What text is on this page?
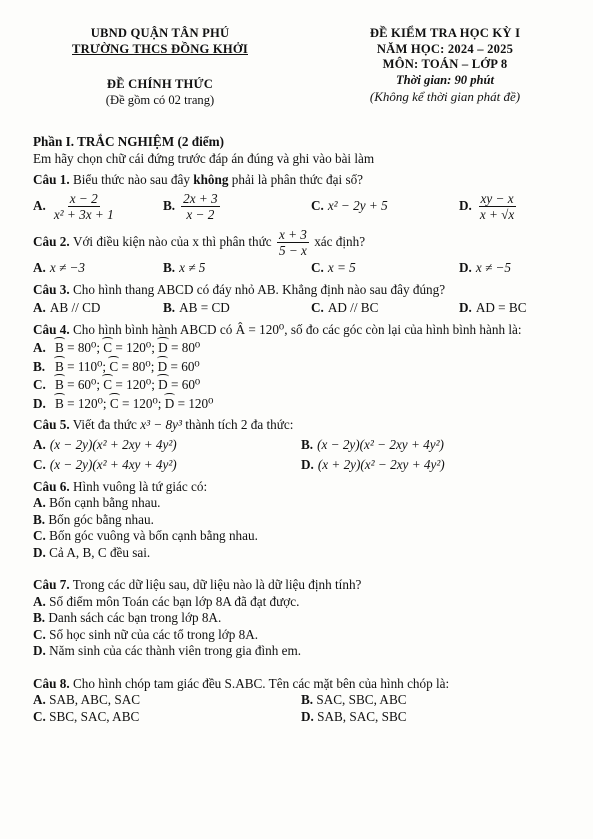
UBND QUẬN TÂN PHÚ
TRƯỜNG THCS ĐỒNG KHỞI
ĐỀ CHÍNH THỨC
(Đề gồm có 02 trang)
ĐỀ KIỂM TRA HỌC KỲ I
NĂM HỌC: 2024 – 2025
MÔN: TOÁN – LỚP 8
Thời gian: 90 phút
(Không kể thời gian phát đề)
Phần I. TRẮC NGHIỆM (2 điểm)
Em hãy chọn chữ cái đứng trước đáp án đúng và ghi vào bài làm
Câu 1. Biểu thức nào sau đây không phải là phân thức đại số?
A. $\frac{x - 2}{\text{x² + 3x + 1}}$	B. $\frac{2x + 3}{x - 2}$	C. x² − 2y + 5	D. $\frac{xy - x}{x + √x}$
Câu 2.
Với điều kiện nào của x thì phân thức
$\frac{x + 3}{5 - x}$
xác định?
A. x ≠ −3	B. x ≠ 5	C. x = 5	D. x ≠ −5
Câu 3. Cho hình thang ABCD có đáy nhỏ AB. Khẳng định nào sau đây đúng?
A. AB // CD	B. AB = CD	C. AD // BC	D. AD = BC
Câu 4. Cho hình bình hành ABCD có Â = 120⁰, số đo các góc còn lại của hình bình hành là:
A. B = 80⁰; C = 120⁰; D = 80⁰
B. B = 110⁰; C = 80⁰; D = 60⁰
C. B = 60⁰; C = 120⁰; D = 60⁰
D. B = 120⁰; C = 120⁰; D = 120⁰
Câu 5. Viết đa thức x³ − 8y³ thành tích 2 đa thức:
A. (x − 2y)(x² + 2xy + 4y²)	B. (x − 2y)(x² − 2xy + 4y²)
C. (x − 2y)(x² + 4xy + 4y²)	D. (x + 2y)(x² − 2xy + 4y²)
Câu 6. Hình vuông là tứ giác có:
A. Bốn cạnh bằng nhau.
B. Bốn góc bằng nhau.
C. Bốn góc vuông và bốn cạnh bằng nhau.
D. Cả A, B, C đều sai.
Câu 7. Trong các dữ liệu sau, dữ liệu nào là dữ liệu định tính?
A. Số điểm môn Toán các bạn lớp 8A đã đạt được.
B. Danh sách các bạn trong lớp 8A.
C. Số học sinh nữ của các tổ trong lớp 8A.
D. Năm sinh của các thành viên trong gia đình em.
Câu 8. Cho hình chóp tam giác đều S.ABC. Tên các mặt bên của hình chóp là:
A. SAB, ABC, SAC	B. SAC, SBC, ABC
C. SBC, SAC, ABC	D. SAB, SAC, SBC
